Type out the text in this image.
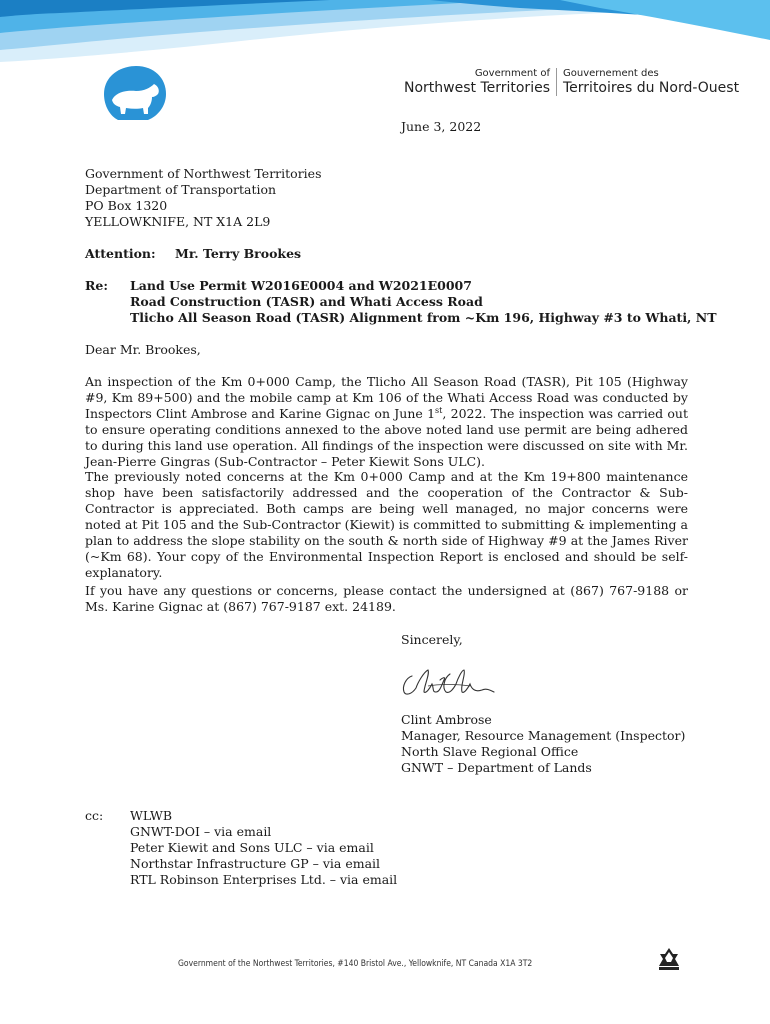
Government of
Northwest Territories
Gouvernement des
Territoires du Nord-Ouest
June 3, 2022
Government of Northwest Territories
Department of Transportation
PO Box 1320
YELLOWKNIFE, NT X1A 2L9
Attention: Mr. Terry Brookes
Re: Land Use Permit W2016E0004 and W2021E0007
Road Construction (TASR) and Whati Access Road
Tlicho All Season Road (TASR) Alignment from ~Km 196, Highway #3 to Whati, NT
Dear Mr. Brookes,
An inspection of the Km 0+000 Camp, the Tlicho All Season Road (TASR), Pit 105 (Highway #9, Km 89+500) and the mobile camp at Km 106 of the Whati Access Road was conducted by Inspectors Clint Ambrose and Karine Gignac on June 1st, 2022. The inspection was carried out to ensure operating conditions annexed to the above noted land use permit are being adhered to during this land use operation. All findings of the inspection were discussed on site with Mr. Jean-Pierre Gingras (Sub-Contractor – Peter Kiewit Sons ULC).
The previously noted concerns at the Km 0+000 Camp and at the Km 19+800 maintenance shop have been satisfactorily addressed and the cooperation of the Contractor & Sub-Contractor is appreciated. Both camps are being well managed, no major concerns were noted at Pit 105 and the Sub-Contractor (Kiewit) is committed to submitting & implementing a plan to address the slope stability on the south & north side of Highway #9 at the James River (~Km 68). Your copy of the Environmental Inspection Report is enclosed and should be self-explanatory.
If you have any questions or concerns, please contact the undersigned at (867) 767-9188 or Ms. Karine Gignac at (867) 767-9187 ext. 24189.
Sincerely,
Clint Ambrose
Manager, Resource Management (Inspector)
North Slave Regional Office
GNWT – Department of Lands
cc: WLWB
GNWT-DOI – via email
Peter Kiewit and Sons ULC – via email
Northstar Infrastructure GP – via email
RTL Robinson Enterprises Ltd. – via email
Government of the Northwest Territories, #140 Bristol Ave., Yellowknife, NT Canada X1A 3T2
